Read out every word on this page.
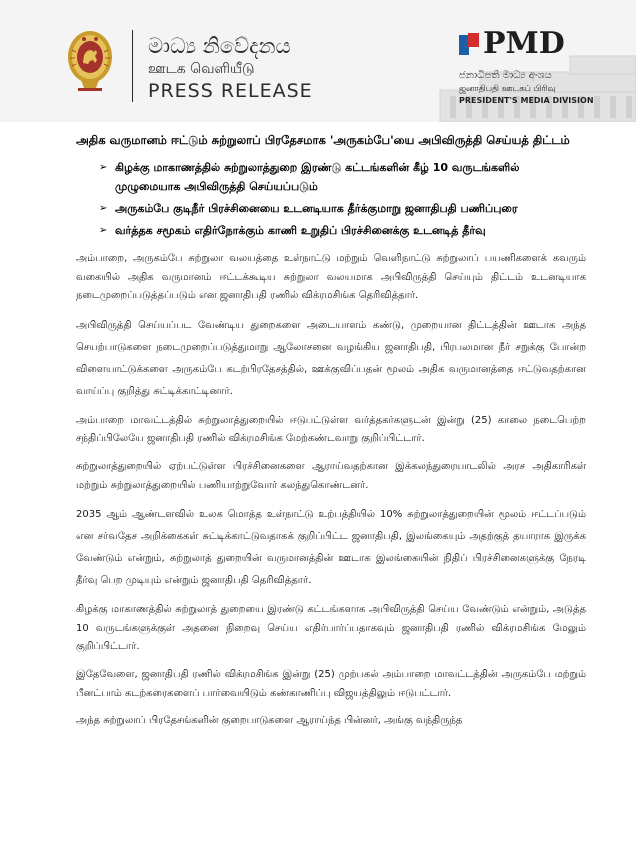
මාධ්‍ය නිවේදනය
ஊடக வெளியீடு
PRESS RELEASE
PMD
ජනාධිපති මාධ්‍ය අංශය
ஜனாதிபதி ஊடகப் பிரிவு
PRESIDENT'S MEDIA DIVISION

அதிக வருமானம் ஈட்டும் சுற்றுலாப் பிரதேசமாக 'அருகம்பே'யை அபிவிருத்தி செய்யத் திட்டம்

➢ கிழக்கு மாகாணத்தில் சுற்றுலாத்துறை இரண்டு கட்டங்களின் கீழ் 10 வருடங்களில் முழுமையாக அபிவிருத்தி செய்யப்படும்
➢ அருகம்பே குடிநீர் பிரச்சினையை உடனடியாக தீர்க்குமாறு ஜனாதிபதி பணிப்புரை
➢ வர்த்தக சமூகம் எதிர்நோக்கும் காணி உறுதிப் பிரச்சினைக்கு உடனடித் தீர்வு

அம்பாறை, அருகம்பே சுற்றுலா வலயத்தை உள்நாட்டு மற்றும் வெளிநாட்டு சுற்றுலாப் பயணிகளைக் கவரும் வகையில் அதிக வருமானம் ஈட்டக்கூடிய சுற்றுலா வலயமாக அபிவிருத்தி செய்யும் திட்டம் உடனடியாக நடைமுறைப்படுத்தப்படும் என ஜனாதிபதி ரணில் விக்ரமசிங்க தெரிவித்தார்.

அபிவிருத்தி செய்யப்பட வேண்டிய துறைகளை அடையாளம் கண்டு, முறையான திட்டத்தின் ஊடாக அந்த செயற்பாடுகளை நடைமுறைப்படுத்துமாறு ஆலோசனை வழங்கிய ஜனாதிபதி, பிரபலமான நீர் சறுக்கு போன்ற விளையாட்டுக்களை அருகம்பே கடற்பிரதேசத்தில், ஊக்குவிப்பதன் மூலம் அதிக வருமானத்தை ஈட்டுவதற்கான வாய்ப்பு குறித்து சுட்டிக்காட்டினார்.

அம்பாறை மாவட்டத்தில் சுற்றுலாத்துறையில் ஈடுபட்டுள்ள வர்த்தகர்களுடன் இன்று (25) காலை நடைபெற்ற சந்திப்பிலேயே ஜனாதிபதி ரணில் விக்ரமசிங்க மேற்கண்டவாறு குறிப்பிட்டார்.

சுற்றுலாத்துறையில் ஏற்பட்டுள்ள பிரச்சினைகளை ஆராய்வதற்கான இக்கலந்துரையாடலில் அரச அதிகாரிகள் மற்றும் சுற்றுலாத்துறையில் பணியாற்றுவோர் கலந்துகொண்டனர்.

2035 ஆம் ஆண்டளவில் உலக மொத்த உள்நாட்டு உற்பத்தியில் 10% சுற்றுலாத்துறையின் மூலம் ஈட்டப்படும் என சர்வதேச அறிக்கைகள் சுட்டிக்காட்டுவதாகக் குறிப்பிட்ட ஜனாதிபதி, இலங்கையும் அதற்குத் தயாராக இருக்க வேண்டும் என்றும், சுற்றுலாத் துறையின் வருமானத்தின் ஊடாக இலங்கையின் நிதிப் பிரச்சினைகளுக்கு நேரடி தீர்வு பெற முடியும் என்றும் ஜனாதிபதி தெரிவித்தார்.

கிழக்கு மாகாணத்தில் சுற்றுலாத் துறையை இரண்டு கட்டங்களாக அபிவிருத்தி செய்ய வேண்டும் என்றும், அடுத்த 10 வருடங்களுக்குள் அதனை நிறைவு செய்ய எதிர்பார்ப்பதாகவும் ஜனாதிபதி ரணில் விக்ரமசிங்க மேலும் குறிப்பிட்டார்.

இதேவேளை, ஜனாதிபதி ரணில் விக்ரமசிங்க இன்று (25) முற்பகல் அம்பாறை மாவட்டத்தின் அருகம்பே மற்றும் பீனட்பாம் கடற்கரைகளைப் பார்வையிடும் கண்காணிப்பு விஜயத்திலும் ஈடுபட்டார்.

அந்த சுற்றுலாப் பிரதேசங்களின் குறைபாடுகளை ஆராய்ந்த பின்னர், அங்கு வந்திருந்த
